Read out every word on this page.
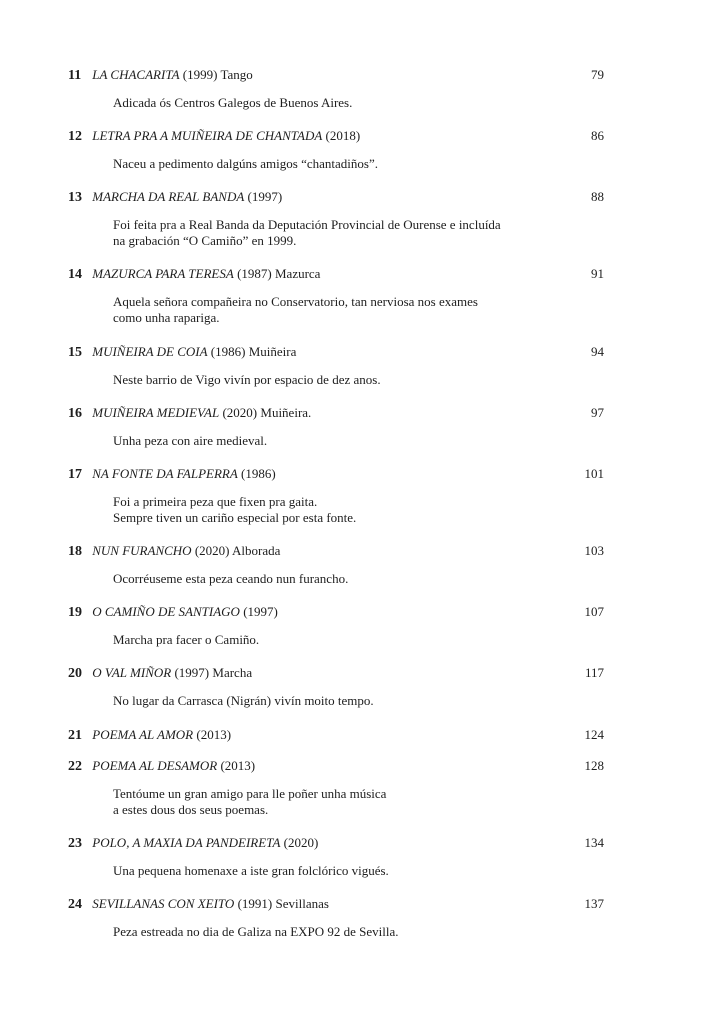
11 LA CHACARITA (1999) Tango	79
Adicada ós Centros Galegos de Buenos Aires.
12 LETRA PRA A MUIÑEIRA DE CHANTADA (2018)	86
Naceu a pedimento dalgúns amigos “chantadiños”.
13 MARCHA DA REAL BANDA (1997)	88
Foi feita pra a Real Banda da Deputación Provincial de Ourense e incluída
na grabación “O Camiño” en 1999.
14 MAZURCA PARA TERESA (1987) Mazurca	91
Aquela señora compañeira no Conservatorio, tan nerviosa nos exames
como unha rapariga.
15 MUIÑEIRA DE COIA (1986) Muiñeira	94
Neste barrio de Vigo vivín por espacio de dez anos.
16 MUIÑEIRA MEDIEVAL (2020) Muiñeira.	97
Unha peza con aire medieval.
17 NA FONTE DA FALPERRA (1986)	101
Foi a primeira peza que fixen pra gaita.
Sempre tiven un cariño especial por esta fonte.
18 NUN FURANCHO (2020) Alborada	103
Ocorréuseme esta peza ceando nun furancho.
19 O CAMIÑO DE SANTIAGO (1997)	107
Marcha pra facer o Camiño.
20 O VAL MIÑOR (1997) Marcha	117
No lugar da Carrasca (Nigrán) vivín moito tempo.
21 POEMA AL AMOR (2013)	124
22 POEMA AL DESAMOR (2013)	128
Tentóume un gran amigo para lle poñer unha música
a estes dous dos seus poemas.
23 POLO, A MAXIA DA PANDEIRETA (2020)	134
Una pequena homenaxe a iste gran folclórico vigués.
24 SEVILLANAS CON XEITO (1991) Sevillanas	137
Peza estreada no dia de Galiza na EXPO 92 de Sevilla.
